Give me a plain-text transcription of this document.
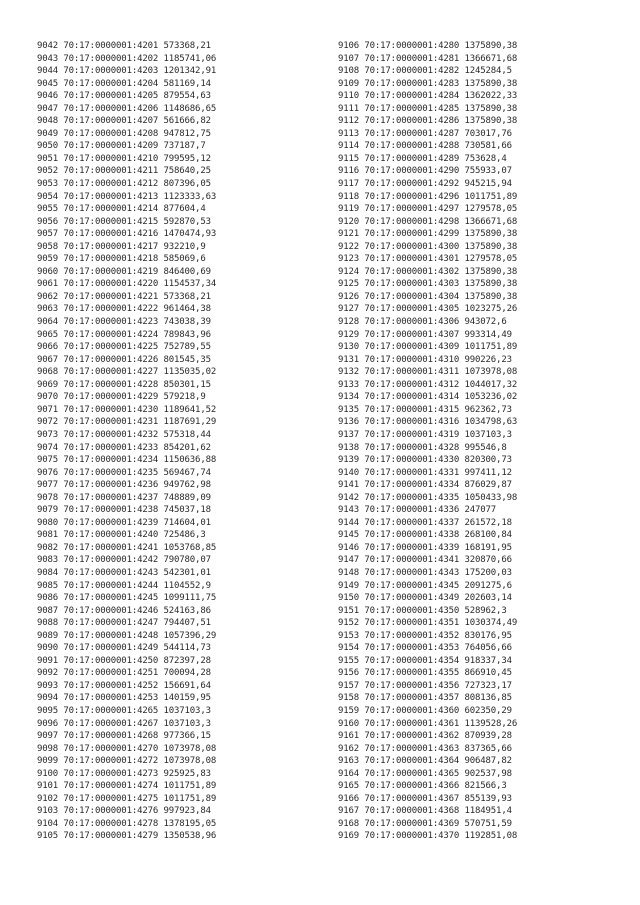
9042 70:17:0000001:4201 573368,21
9043 70:17:0000001:4202 1185741,06
9044 70:17:0000001:4203 1201342,91
9045 70:17:0000001:4204 581169,14
9046 70:17:0000001:4205 879554,63
9047 70:17:0000001:4206 1148686,65
9048 70:17:0000001:4207 561666,82
9049 70:17:0000001:4208 947812,75
9050 70:17:0000001:4209 737187,7
9051 70:17:0000001:4210 799595,12
9052 70:17:0000001:4211 758640,25
9053 70:17:0000001:4212 807396,05
9054 70:17:0000001:4213 1123333,63
9055 70:17:0000001:4214 877604,4
9056 70:17:0000001:4215 592870,53
9057 70:17:0000001:4216 1470474,93
9058 70:17:0000001:4217 932210,9
9059 70:17:0000001:4218 585069,6
9060 70:17:0000001:4219 846400,69
9061 70:17:0000001:4220 1154537,34
9062 70:17:0000001:4221 573368,21
9063 70:17:0000001:4222 961464,38
9064 70:17:0000001:4223 743038,39
9065 70:17:0000001:4224 789843,96
9066 70:17:0000001:4225 752789,55
9067 70:17:0000001:4226 801545,35
9068 70:17:0000001:4227 1135035,02
9069 70:17:0000001:4228 850301,15
9070 70:17:0000001:4229 579218,9
9071 70:17:0000001:4230 1189641,52
9072 70:17:0000001:4231 1187691,29
9073 70:17:0000001:4232 575318,44
9074 70:17:0000001:4233 854201,62
9075 70:17:0000001:4234 1150636,88
9076 70:17:0000001:4235 569467,74
9077 70:17:0000001:4236 949762,98
9078 70:17:0000001:4237 748889,09
9079 70:17:0000001:4238 745037,18
9080 70:17:0000001:4239 714604,01
9081 70:17:0000001:4240 725486,3
9082 70:17:0000001:4241 1053768,85
9083 70:17:0000001:4242 790780,07
9084 70:17:0000001:4243 542301,01
9085 70:17:0000001:4244 1104552,9
9086 70:17:0000001:4245 1099111,75
9087 70:17:0000001:4246 524163,86
9088 70:17:0000001:4247 794407,51
9089 70:17:0000001:4248 1057396,29
9090 70:17:0000001:4249 544114,73
9091 70:17:0000001:4250 872397,28
9092 70:17:0000001:4251 700094,28
9093 70:17:0000001:4252 156691,64
9094 70:17:0000001:4253 140159,95
9095 70:17:0000001:4265 1037103,3
9096 70:17:0000001:4267 1037103,3
9097 70:17:0000001:4268 977366,15
9098 70:17:0000001:4270 1073978,08
9099 70:17:0000001:4272 1073978,08
9100 70:17:0000001:4273 925925,83
9101 70:17:0000001:4274 1011751,89
9102 70:17:0000001:4275 1011751,89
9103 70:17:0000001:4276 997923,84
9104 70:17:0000001:4278 1378195,05
9105 70:17:0000001:4279 1350538,96
9106 70:17:0000001:4280 1375890,38
9107 70:17:0000001:4281 1366671,68
9108 70:17:0000001:4282 1245284,5
9109 70:17:0000001:4283 1375890,38
9110 70:17:0000001:4284 1362022,33
9111 70:17:0000001:4285 1375890,38
9112 70:17:0000001:4286 1375890,38
9113 70:17:0000001:4287 703017,76
9114 70:17:0000001:4288 730581,66
9115 70:17:0000001:4289 753628,4
9116 70:17:0000001:4290 755933,07
9117 70:17:0000001:4292 945215,94
9118 70:17:0000001:4296 1011751,89
9119 70:17:0000001:4297 1279578,05
9120 70:17:0000001:4298 1366671,68
9121 70:17:0000001:4299 1375890,38
9122 70:17:0000001:4300 1375890,38
9123 70:17:0000001:4301 1279578,05
9124 70:17:0000001:4302 1375890,38
9125 70:17:0000001:4303 1375890,38
9126 70:17:0000001:4304 1375890,38
9127 70:17:0000001:4305 1023275,26
9128 70:17:0000001:4306 943072,6
9129 70:17:0000001:4307 993314,49
9130 70:17:0000001:4309 1011751,89
9131 70:17:0000001:4310 990226,23
9132 70:17:0000001:4311 1073978,08
9133 70:17:0000001:4312 1044017,32
9134 70:17:0000001:4314 1053236,02
9135 70:17:0000001:4315 962362,73
9136 70:17:0000001:4316 1034798,63
9137 70:17:0000001:4319 1037103,3
9138 70:17:0000001:4328 995546,8
9139 70:17:0000001:4330 820300,73
9140 70:17:0000001:4331 997411,12
9141 70:17:0000001:4334 876029,87
9142 70:17:0000001:4335 1050433,98
9143 70:17:0000001:4336 247077
9144 70:17:0000001:4337 261572,18
9145 70:17:0000001:4338 268100,84
9146 70:17:0000001:4339 168191,95
9147 70:17:0000001:4341 320870,66
9148 70:17:0000001:4343 175200,03
9149 70:17:0000001:4345 2091275,6
9150 70:17:0000001:4349 202603,14
9151 70:17:0000001:4350 528962,3
9152 70:17:0000001:4351 1030374,49
9153 70:17:0000001:4352 830176,95
9154 70:17:0000001:4353 764056,66
9155 70:17:0000001:4354 918337,34
9156 70:17:0000001:4355 866910,45
9157 70:17:0000001:4356 727323,17
9158 70:17:0000001:4357 808136,85
9159 70:17:0000001:4360 602350,29
9160 70:17:0000001:4361 1139528,26
9161 70:17:0000001:4362 870939,28
9162 70:17:0000001:4363 837365,66
9163 70:17:0000001:4364 906487,82
9164 70:17:0000001:4365 902537,98
9165 70:17:0000001:4366 821566,3
9166 70:17:0000001:4367 855139,93
9167 70:17:0000001:4368 1184951,4
9168 70:17:0000001:4369 570751,59
9169 70:17:0000001:4370 1192851,08
